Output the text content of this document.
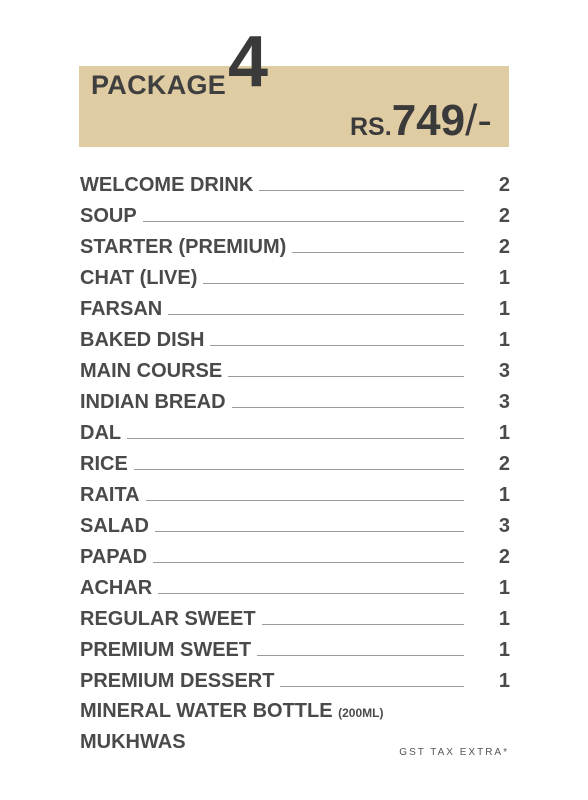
PACKAGE 4
RS.749/-
WELCOME DRINK	2
SOUP	2
STARTER (PREMIUM)	2
CHAT (LIVE)	1
FARSAN	1
BAKED DISH	1
MAIN COURSE	3
INDIAN BREAD	3
DAL	1
RICE	2
RAITA	1
SALAD	3
PAPAD	2
ACHAR	1
REGULAR SWEET	1
PREMIUM SWEET	1
PREMIUM DESSERT	1
MINERAL WATER BOTTLE (200ML)
MUKHWAS	GST TAX EXTRA*
